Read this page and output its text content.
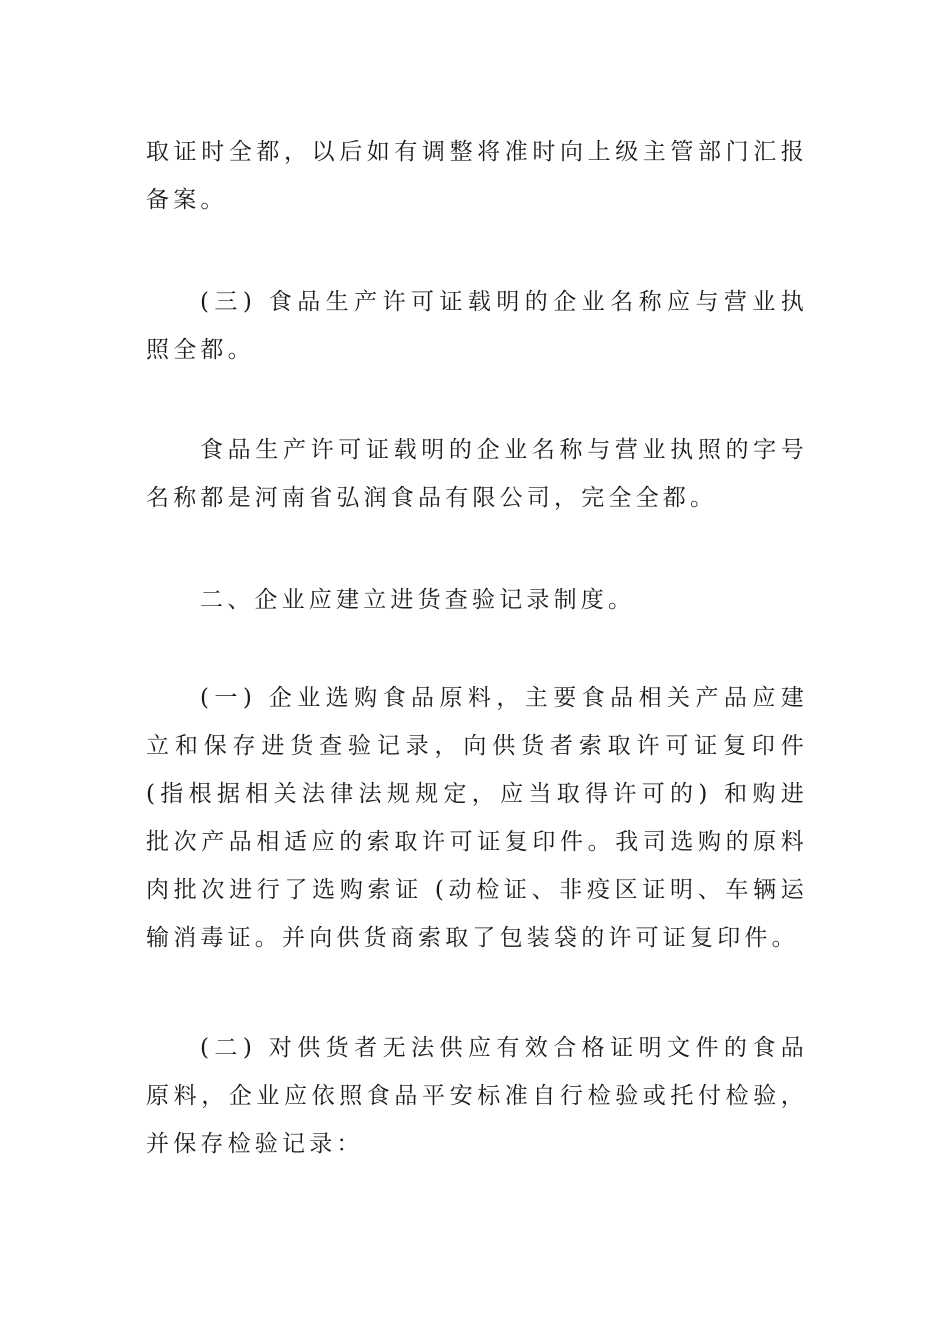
取证时全都，以后如有调整将准时向上级主管部门汇报备案。

(三) 食品生产许可证载明的企业名称应与营业执照全都。

食品生产许可证载明的企业名称与营业执照的字号名称都是河南省弘润食品有限公司，完全全都。

二、企业应建立进货查验记录制度。

(一) 企业选购食品原料，主要食品相关产品应建立和保存进货查验记录，向供货者索取许可证复印件 (指根据相关法律法规规定，应当取得许可的) 和购进批次产品相适应的索取许可证复印件。我司选购的原料肉批次进行了选购索证 (动检证、非疫区证明、车辆运输消毒证。并向供货商索取了包装袋的许可证复印件。

(二) 对供货者无法供应有效合格证明文件的食品原料，企业应依照食品平安标准自行检验或托付检验，并保存检验记录：
